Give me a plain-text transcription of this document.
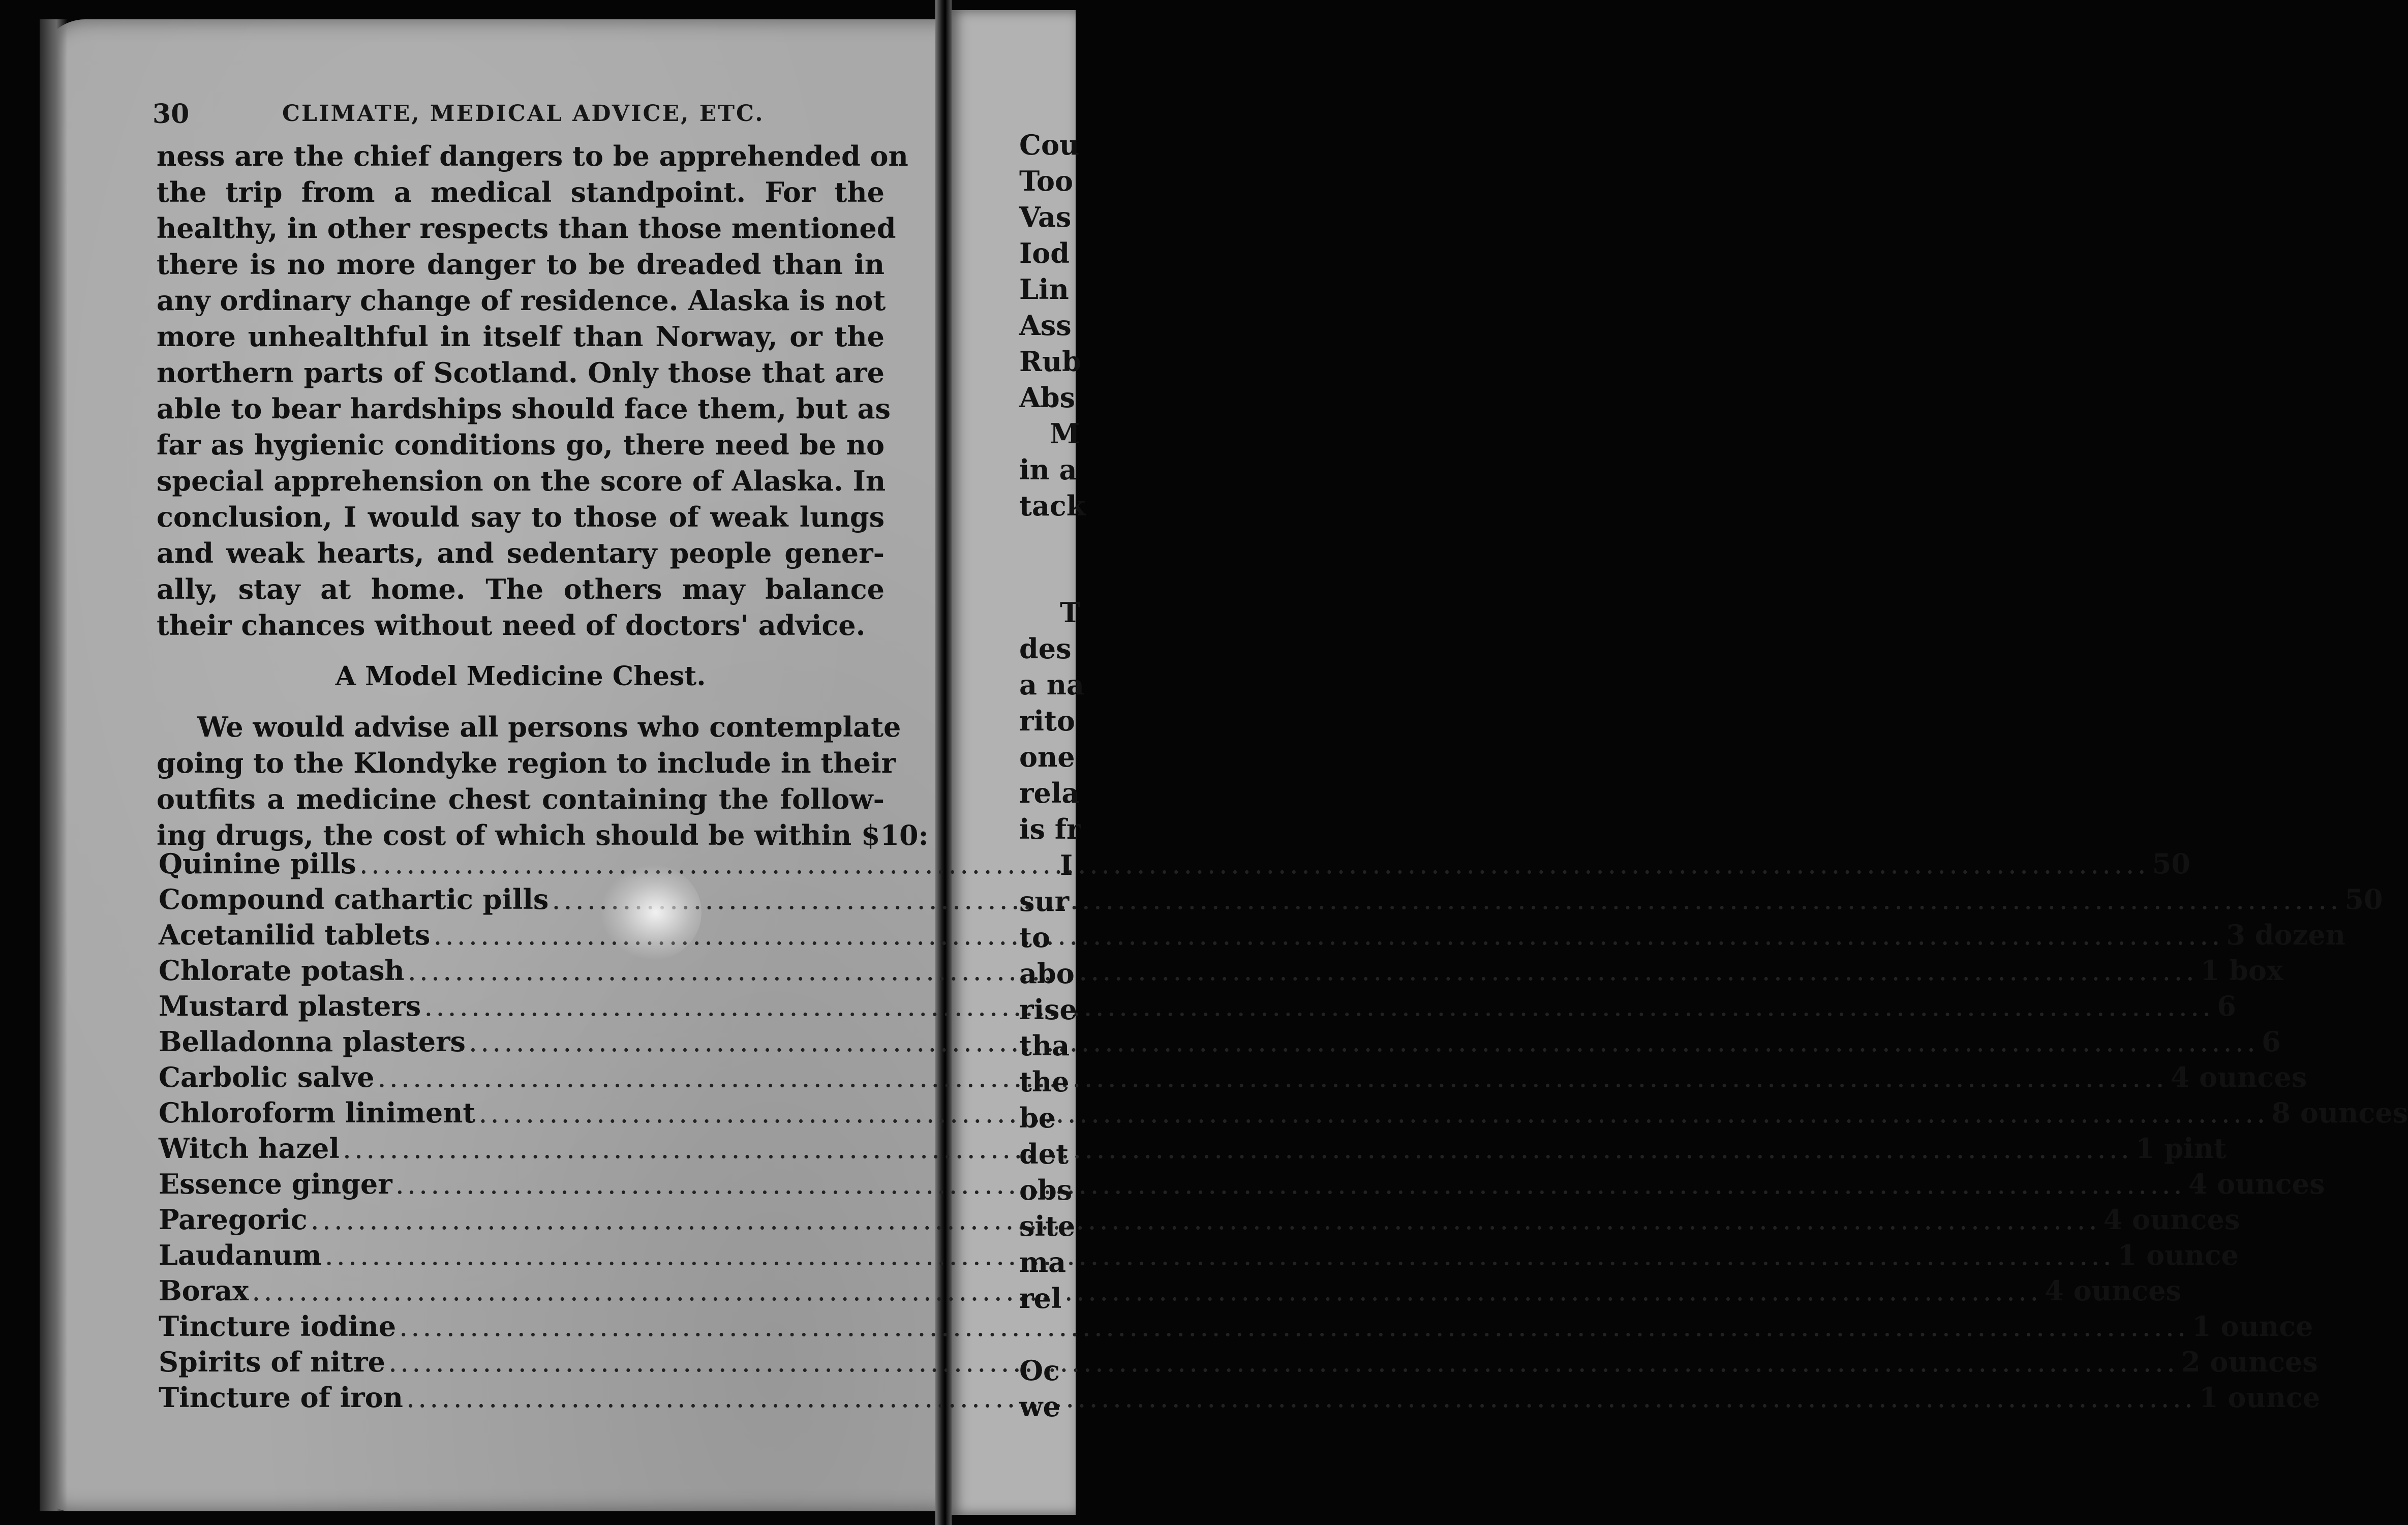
30	CLIMATE, MEDICAL ADVICE, ETC.
ness are the chief dangers to be apprehended on
the trip from a medical standpoint. For the
healthy, in other respects than those mentioned
there is no more danger to be dreaded than in
any ordinary change of residence. Alaska is not
more unhealthful in itself than Norway, or the
northern parts of Scotland. Only those that are
able to bear hardships should face them, but as
far as hygienic conditions go, there need be no
special apprehension on the score of Alaska. In
conclusion, I would say to those of weak lungs
and weak hearts, and sedentary people gener-
ally, stay at home. The others may balance
their chances without need of doctors' advice.
A Model Medicine Chest.
We would advise all persons who contemplate
going to the Klondyke region to include in their
outfits a medicine chest containing the follow-
ing drugs, the cost of which should be within $10:
Quinine pills .....	50
Compound cathartic pills .....	50
Acetanilid tablets .....	3 dozen
Chlorate potash .....	1 box
Mustard plasters .....	6
Belladonna plasters .....	6
Carbolic salve .....	4 ounces
Chloroform liniment .....	8 ounces
Witch hazel .....	1 pint
Essence ginger .....	4 ounces
Paregoric .....	4 ounces
Laudanum .....	1 ounce
Borax .....	4 ounces
Tincture iodine .....	1 ounce
Spirits of nitre .....	2 ounces
Tincture of iron .....	1 ounce
Cou
Too
Vas
Iod
Lin
Ass
Rub
Abs
M
in a
tack
T
des
a na
rito
one
rela
is fr
I
sur
to
abo
rise
tha
the
be
det
obs
site
ma
rel
Oc
we
